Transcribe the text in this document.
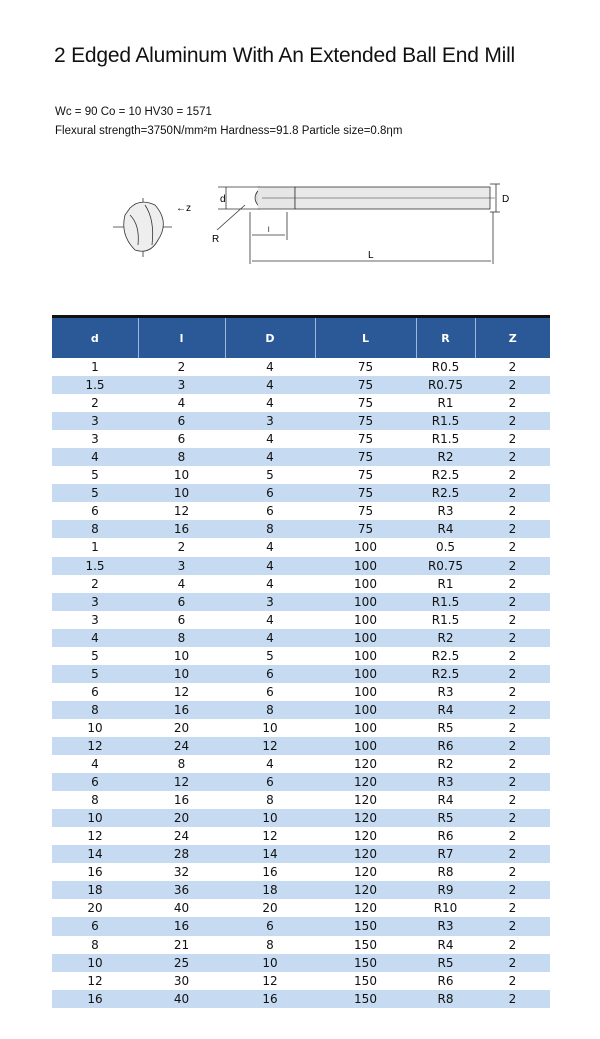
2 Edged Aluminum With An Extended Ball End Mill
Wc = 90 Co = 10 HV30 = 1571
Flexural strength=3750N/mm²m Hardness=91.8 Particle size=0.8ηm
←z
d	D
R
l
L
d	l	D	L	R	Z
1	2	4	75	R0.5	2
1.5	3	4	75	R0.75	2
2	4	4	75	R1	2
3	6	3	75	R1.5	2
3	6	4	75	R1.5	2
4	8	4	75	R2	2
5	10	5	75	R2.5	2
5	10	6	75	R2.5	2
6	12	6	75	R3	2
8	16	8	75	R4	2
1	2	4	100	0.5	2
1.5	3	4	100	R0.75	2
2	4	4	100	R1	2
3	6	3	100	R1.5	2
3	6	4	100	R1.5	2
4	8	4	100	R2	2
5	10	5	100	R2.5	2
5	10	6	100	R2.5	2
6	12	6	100	R3	2
8	16	8	100	R4	2
10	20	10	100	R5	2
12	24	12	100	R6	2
4	8	4	120	R2	2
6	12	6	120	R3	2
8	16	8	120	R4	2
10	20	10	120	R5	2
12	24	12	120	R6	2
14	28	14	120	R7	2
16	32	16	120	R8	2
18	36	18	120	R9	2
20	40	20	120	R10	2
6	16	6	150	R3	2
8	21	8	150	R4	2
10	25	10	150	R5	2
12	30	12	150	R6	2
16	40	16	150	R8	2
